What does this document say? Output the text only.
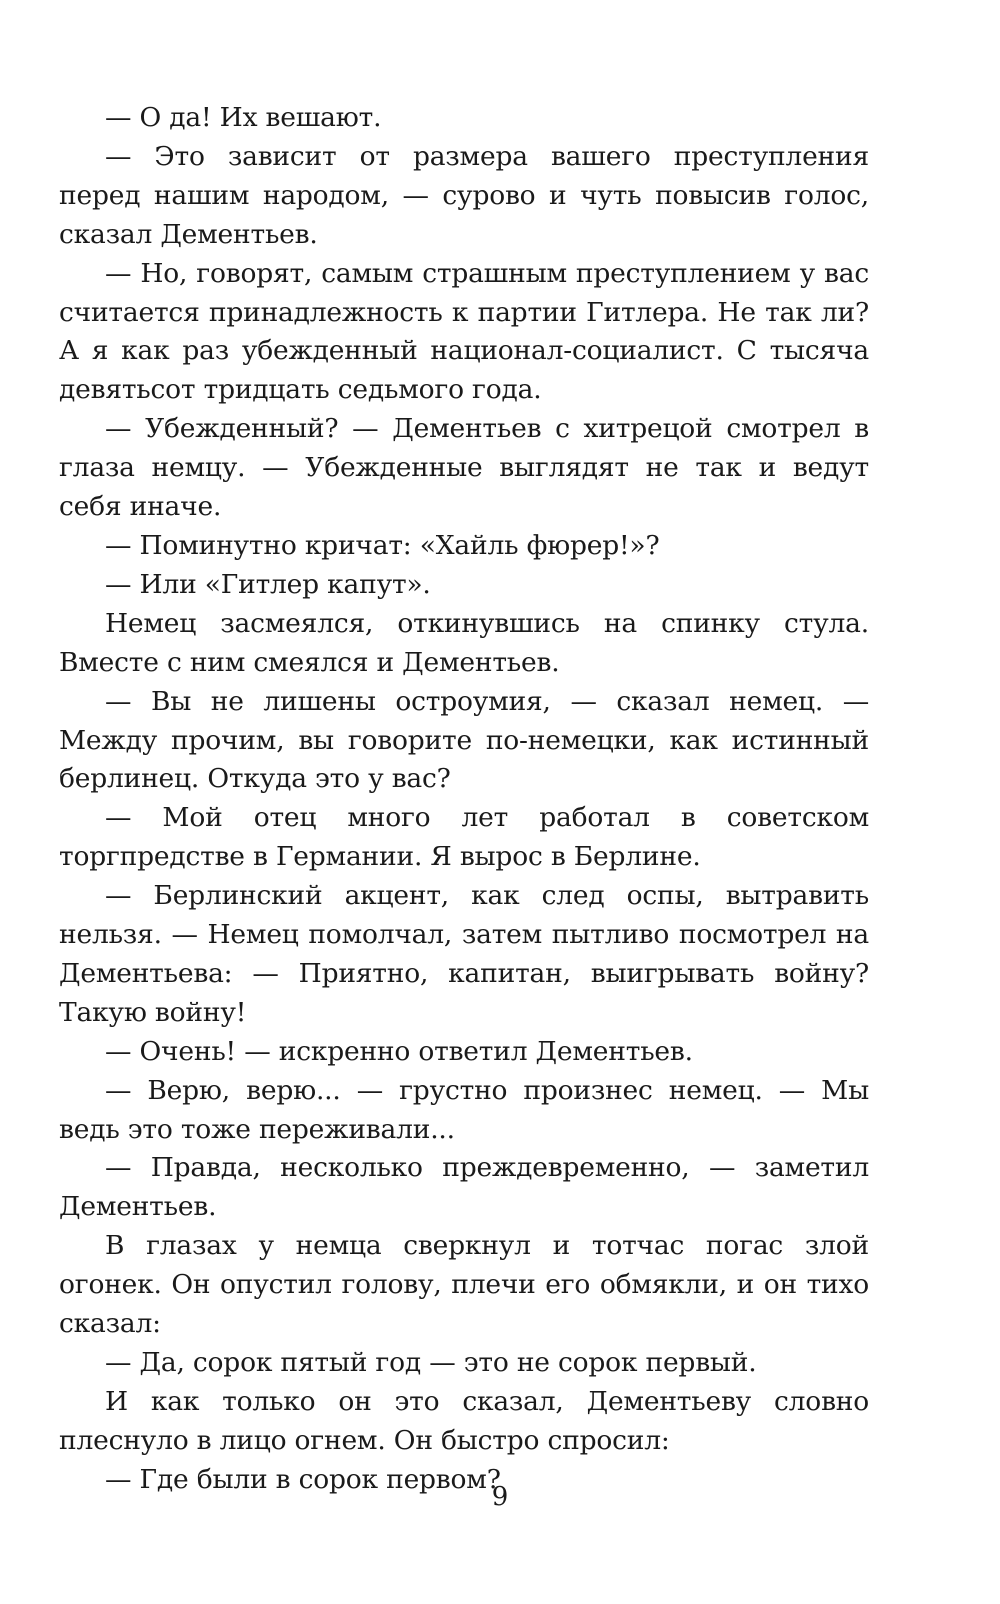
— О да! Их вешают.

— Это зависит от размера вашего преступления перед нашим народом, — сурово и чуть повысив голос, сказал Дементьев.

— Но, говорят, самым страшным преступлением у вас считается принадлежность к партии Гитлера. Не так ли? А я как раз убежденный национал-социалист. С тысяча девятьсот тридцать седьмого года.

— Убежденный? — Дементьев с хитрецой смотрел в глаза немцу. — Убежденные выглядят не так и ведут себя иначе.

— Поминутно кричат: «Хайль фюрер!»?

— Или «Гитлер капут».

Немец засмеялся, откинувшись на спинку стула. Вместе с ним смеялся и Дементьев.

— Вы не лишены остроумия, — сказал немец. — Между прочим, вы говорите по-немецки, как истинный берлинец. Откуда это у вас?

— Мой отец много лет работал в советском торгпредстве в Германии. Я вырос в Берлине.

— Берлинский акцент, как след оспы, вытравить нельзя. — Немец помолчал, затем пытливо посмотрел на Дементьева: — Приятно, капитан, выигрывать войну? Такую войну!

— Очень! — искренно ответил Дементьев.

— Верю, верю... — грустно произнес немец. — Мы ведь это тоже переживали...

— Правда, несколько преждевременно, — заметил Дементьев.

В глазах у немца сверкнул и тотчас погас злой огонек. Он опустил голову, плечи его обмякли, и он тихо сказал:

— Да, сорок пятый год — это не сорок первый.

И как только он это сказал, Дементьеву словно плеснуло в лицо огнем. Он быстро спросил:

— Где были в сорок первом?

9
